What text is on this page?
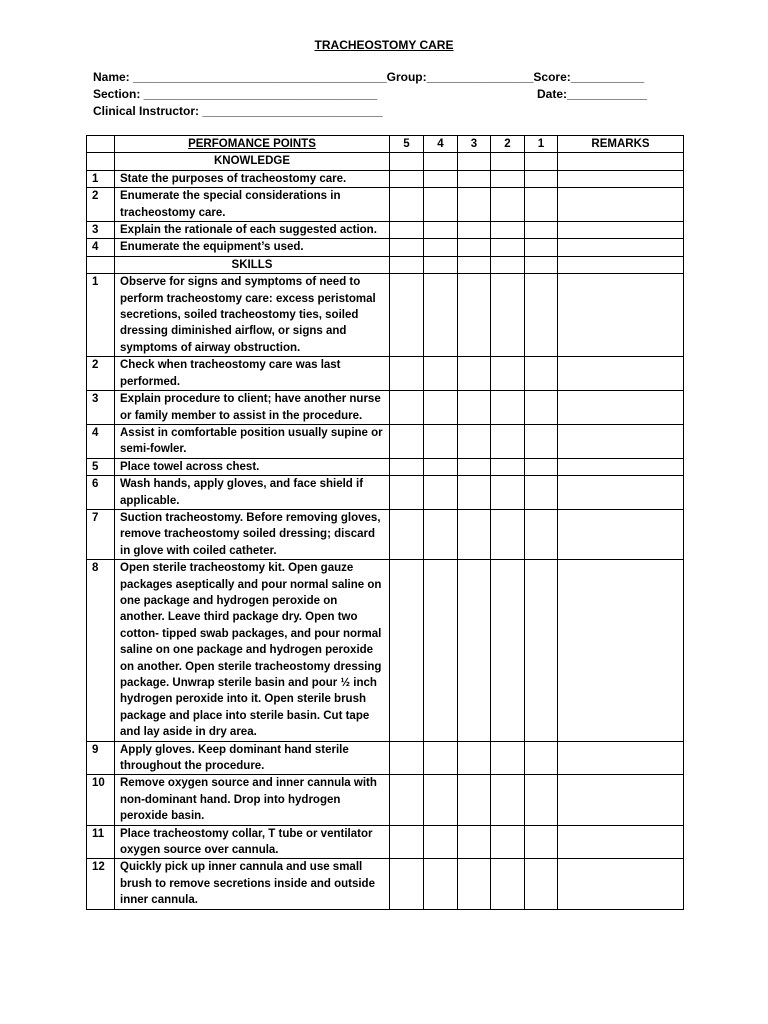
TRACHEOSTOMY CARE
Name: ______________________________________Group:________________Score:___________
Section: ___________________________________	Date:____________
Clinical Instructor: ___________________________
	PERFOMANCE POINTS	5	4	3	2	1	REMARKS
	KNOWLEDGE						
1	State the purposes of tracheostomy care.						
2	Enumerate the special considerations in tracheostomy care.						
3	Explain the rationale of each suggested action.						
4	Enumerate the equipment’s used.						
	SKILLS						
1	Observe for signs and symptoms of need to perform tracheostomy care: excess peristomal secretions, soiled tracheostomy ties, soiled dressing diminished airflow, or signs and symptoms of airway obstruction.						
2	Check when tracheostomy care was last performed.						
3	Explain procedure to client; have another nurse or family member to assist in the procedure.						
4	Assist in comfortable position usually supine or semi-fowler.						
5	Place towel across chest.						
6	Wash hands, apply gloves, and face shield if applicable.						
7	Suction tracheostomy. Before removing gloves, remove tracheostomy soiled dressing; discard in glove with coiled catheter.						
8	Open sterile tracheostomy kit. Open gauze packages aseptically and pour normal saline on one package and hydrogen peroxide on another. Leave third package dry. Open two cotton- tipped swab packages, and pour normal saline on one package and hydrogen peroxide on another. Open sterile tracheostomy dressing package. Unwrap sterile basin and pour ½ inch hydrogen peroxide into it. Open sterile brush package and place into sterile basin. Cut tape and lay aside in dry area.						
9	Apply gloves. Keep dominant hand sterile throughout the procedure.						
10	Remove oxygen source and inner cannula with non-dominant hand. Drop into hydrogen peroxide basin.						
11	Place tracheostomy collar, T tube or ventilator oxygen source over cannula.						
12	Quickly pick up inner cannula and use small brush to remove secretions inside and outside inner cannula.						
